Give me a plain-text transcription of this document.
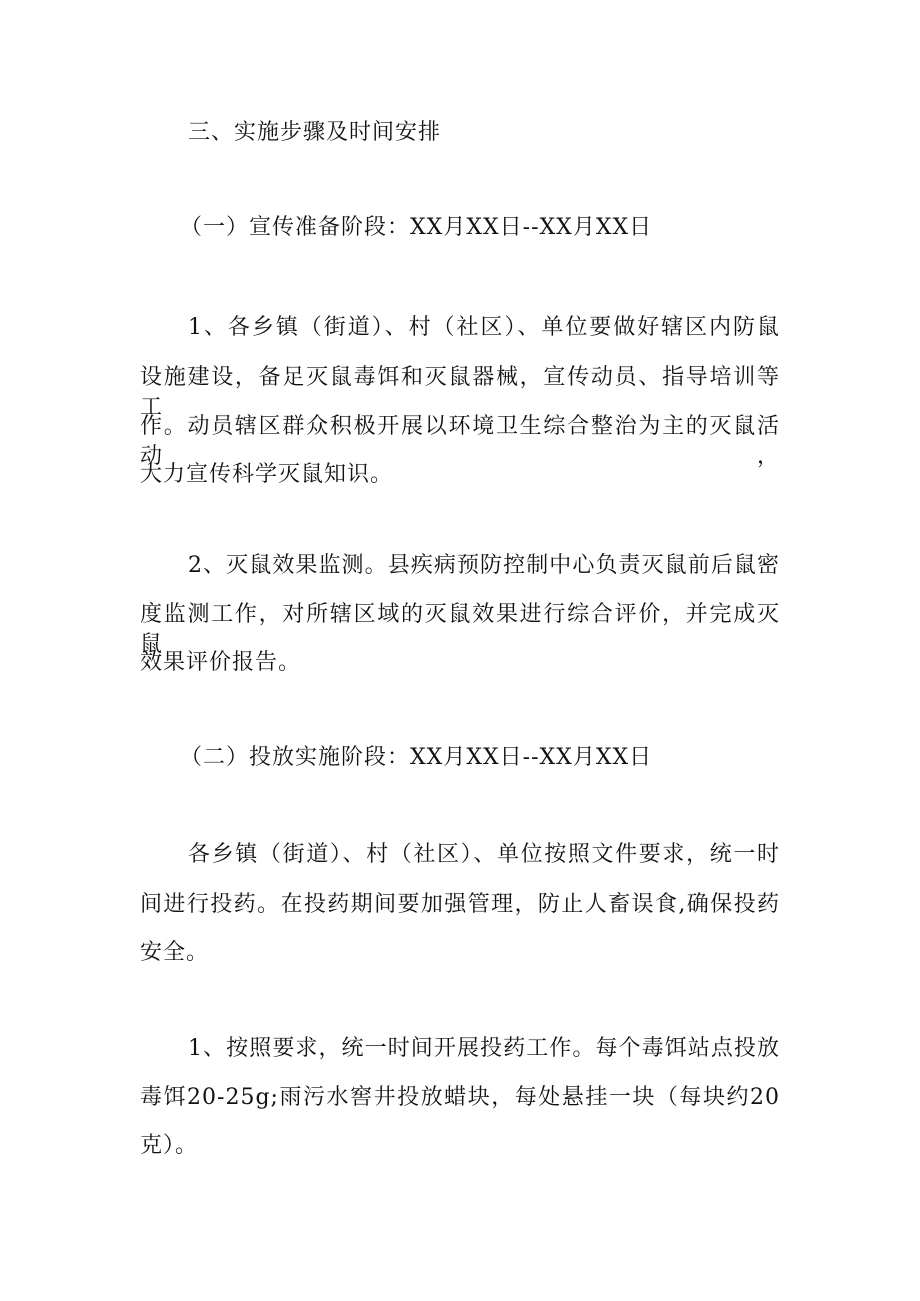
三、实施步骤及时间安排
（一）宣传准备阶段：XX月XX日--XX月XX日
1、各乡镇（街道）、村（社区）、单位要做好辖区内防鼠
设施建设，备足灭鼠毒饵和灭鼠器械，宣传动员、指导培训等工
作。动员辖区群众积极开展以环境卫生综合整治为主的灭鼠活动，
大力宣传科学灭鼠知识。
2、灭鼠效果监测。县疾病预防控制中心负责灭鼠前后鼠密
度监测工作，对所辖区域的灭鼠效果进行综合评价，并完成灭鼠
效果评价报告。
（二）投放实施阶段：XX月XX日--XX月XX日
各乡镇（街道）、村（社区）、单位按照文件要求，统一时
间进行投药。在投药期间要加强管理，防止人畜误食,确保投药
安全。
1、按照要求，统一时间开展投药工作。每个毒饵站点投放
毒饵20-25g;雨污水窖井投放蜡块，每处悬挂一块（每块约20
克）。
